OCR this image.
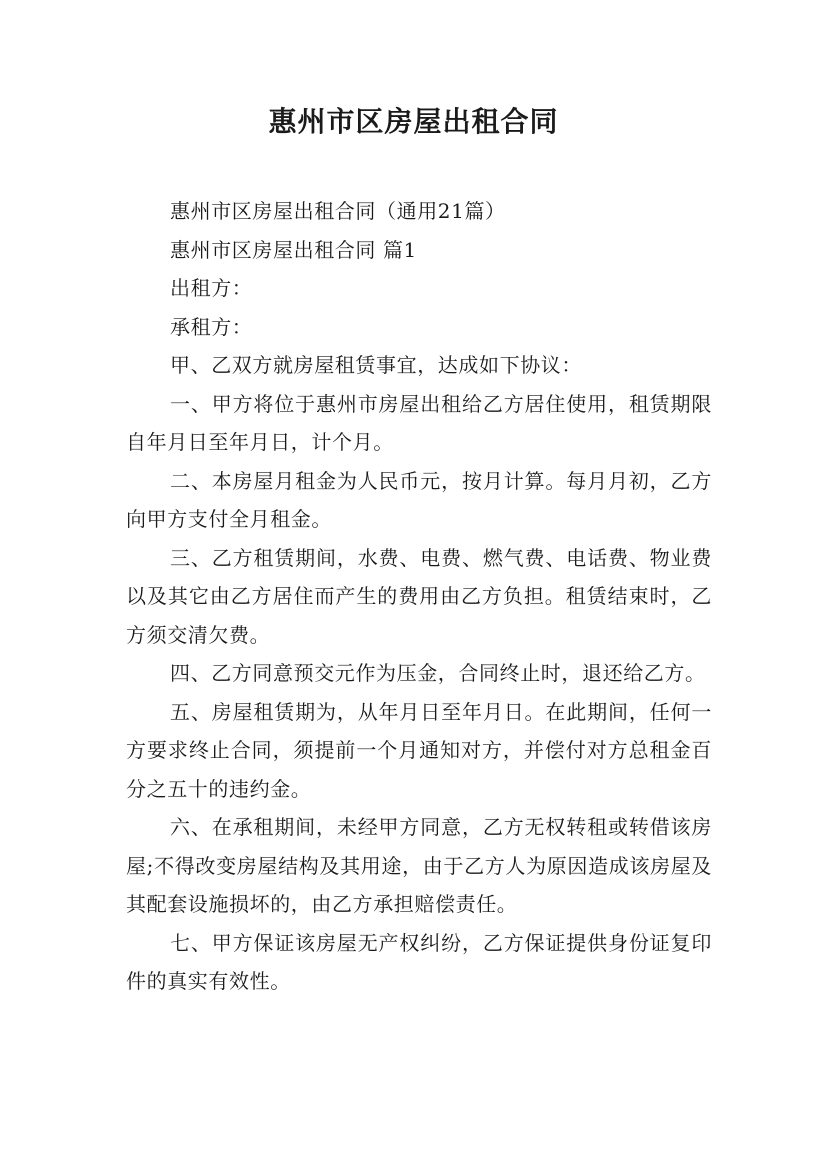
惠州市区房屋出租合同

惠州市区房屋出租合同（通用21篇）

惠州市区房屋出租合同 篇1

出租方：

承租方：

甲、乙双方就房屋租赁事宜，达成如下协议：

一、甲方将位于惠州市房屋出租给乙方居住使用，租赁期限自年月日至年月日，计个月。

二、本房屋月租金为人民币元，按月计算。每月月初，乙方向甲方支付全月租金。

三、乙方租赁期间，水费、电费、燃气费、电话费、物业费以及其它由乙方居住而产生的费用由乙方负担。租赁结束时，乙方须交清欠费。

四、乙方同意预交元作为压金，合同终止时，退还给乙方。

五、房屋租赁期为，从年月日至年月日。在此期间，任何一方要求终止合同，须提前一个月通知对方，并偿付对方总租金百分之五十的违约金。

六、在承租期间，未经甲方同意，乙方无权转租或转借该房屋;不得改变房屋结构及其用途，由于乙方人为原因造成该房屋及其配套设施损坏的，由乙方承担赔偿责任。

七、甲方保证该房屋无产权纠纷，乙方保证提供身份证复印件的真实有效性。
